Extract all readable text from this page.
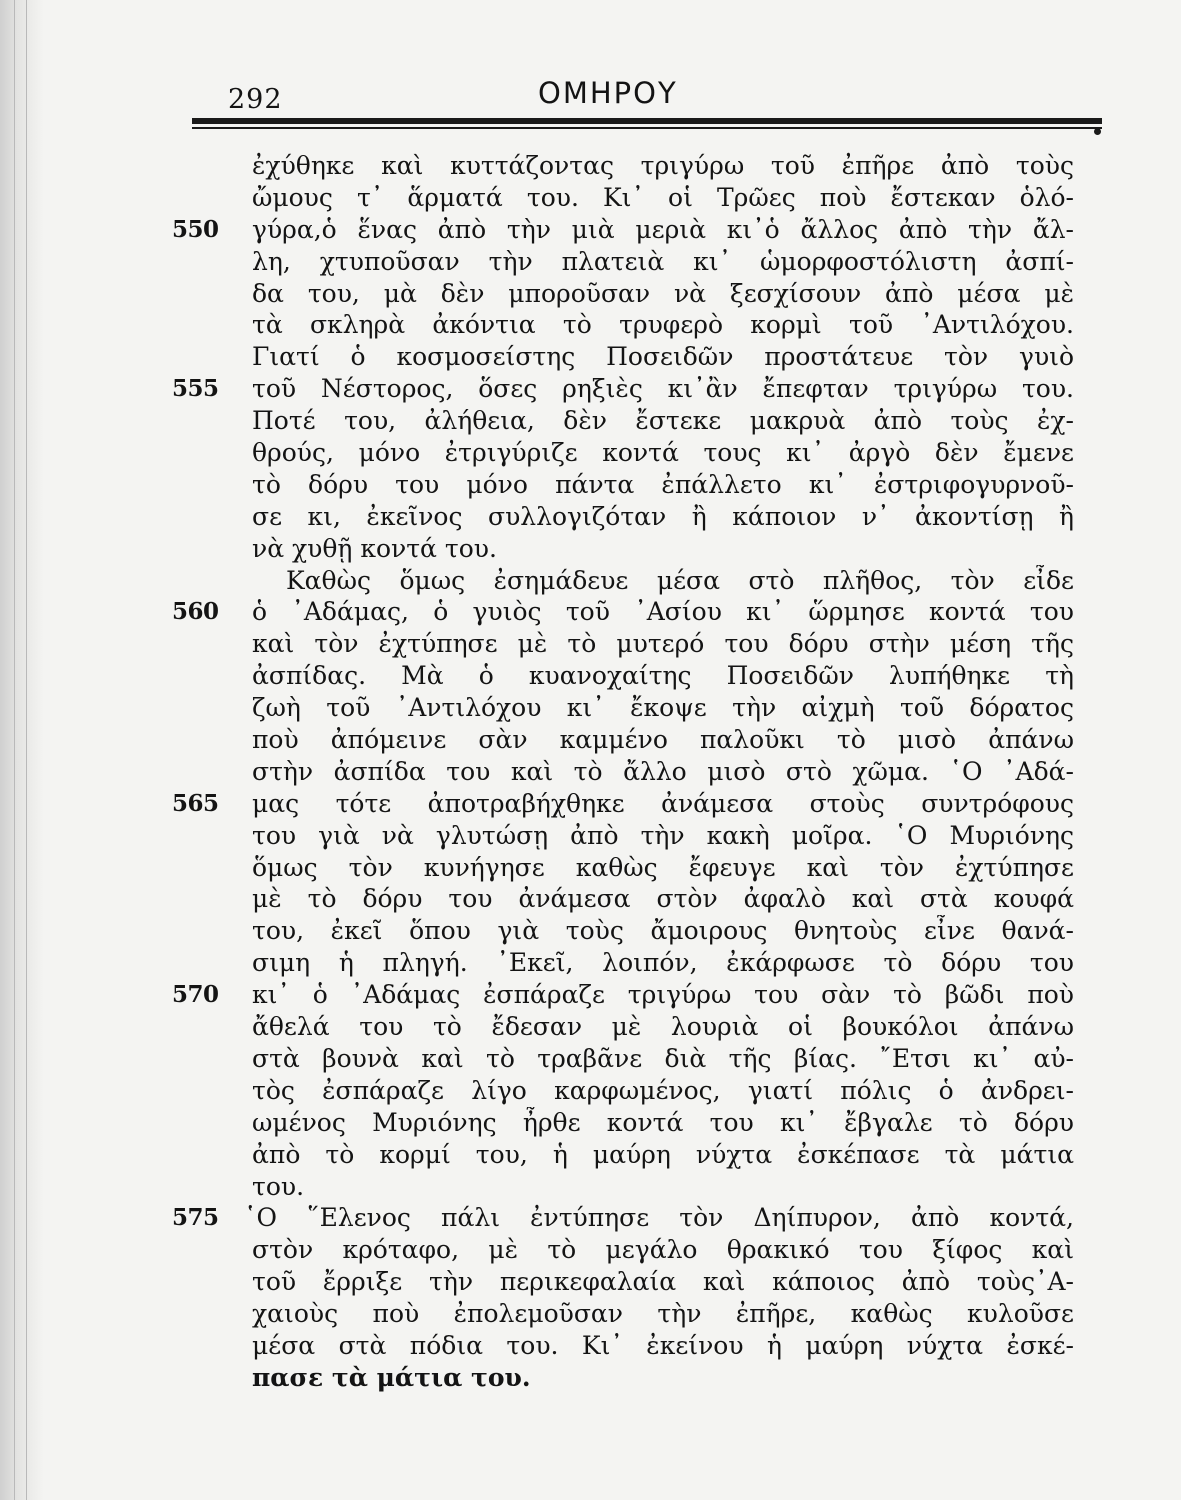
292	ΟΜΗΡΟΥ
ἐχύθηκε καὶ κυττάζοντας τριγύρω τοῦ ἐπῆρε ἀπὸ τοὺς
ὤμους τ᾽ ἅρματά του. Κι᾽ οἱ Τρῶες ποὺ ἔστεκαν ὁλό-
550 γύρα,ὁ ἕνας ἀπὸ τὴν μιὰ μεριὰ κι᾽ὁ ἄλλος ἀπὸ τὴν ἄλ-
λη, χτυποῦσαν τὴν πλατειὰ κι᾽ ὡμορφοστόλιστη ἀσπί-
δα του, μὰ δὲν μποροῦσαν νὰ ξεσχίσουν ἀπὸ μέσα μὲ
τὰ σκληρὰ ἀκόντια τὸ τρυφερὸ κορμὶ τοῦ ᾽Αντιλόχου.
Γιατί ὁ κοσμοσείστης Ποσειδῶν προστάτευε τὸν γυιὸ
555 τοῦ Νέστορος, ὅσες ρηξιὲς κι᾽ἂν ἔπεφταν τριγύρω του.
Ποτέ του, ἀλήθεια, δὲν ἔστεκε μακρυὰ ἀπὸ τοὺς ἐχ-
θρούς, μόνο ἐτριγύριζε κοντά τους κι᾽ ἀργὸ δὲν ἔμενε
τὸ δόρυ του μόνο πάντα ἐπάλλετο κι᾽ ἐστριφογυρνοῦ-
σε κι, ἐκεῖνος συλλογιζόταν ἢ κάποιον ν᾽ ἀκοντίσῃ ἢ
νὰ χυθῇ κοντά του.
Καθὼς ὅμως ἐσημάδευε μέσα στὸ πλῆθος, τὸν εἶδε
560 ὁ ᾽Αδάμας, ὁ γυιὸς τοῦ ᾽Ασίου κι᾽ ὥρμησε κοντά του
καὶ τὸν ἐχτύπησε μὲ τὸ μυτερό του δόρυ στὴν μέση τῆς
ἀσπίδας. Μὰ ὁ κυανοχαίτης Ποσειδῶν λυπήθηκε τὴ
ζωὴ τοῦ ᾽Αντιλόχου κι᾽ ἔκοψε τὴν αἰχμὴ τοῦ δόρατος
ποὺ ἀπόμεινε σὰν καμμένο παλοῦκι τὸ μισὸ ἀπάνω
στὴν ἀσπίδα του καὶ τὸ ἄλλο μισὸ στὸ χῶμα. ῾Ο ᾽Αδά-
565 μας τότε ἀποτραβήχθηκε ἀνάμεσα στοὺς συντρόφους
του γιὰ νὰ γλυτώσῃ ἀπὸ τὴν κακὴ μοῖρα. ῾Ο Μυριόνης
ὅμως τὸν κυνήγησε καθὼς ἔφευγε καὶ τὸν ἐχτύπησε
μὲ τὸ δόρυ του ἀνάμεσα στὸν ἀφαλὸ καὶ στὰ κουφά
του, ἐκεῖ ὅπου γιὰ τοὺς ἄμοιρους θνητοὺς εἶνε θανά-
σιμη ἡ πληγή. ᾽Εκεῖ, λοιπόν, ἐκάρφωσε τὸ δόρυ του
570 κι᾽ ὁ ᾽Αδάμας ἐσπάραζε τριγύρω του σὰν τὸ βῶδι ποὺ
ἄθελά του τὸ ἔδεσαν μὲ λουριὰ οἱ βουκόλοι ἀπάνω
στὰ βουνὰ καὶ τὸ τραβᾶνε διὰ τῆς βίας. ῎Ετσι κι᾽ αὐ-
τὸς ἐσπάραζε λίγο καρφωμένος, γιατί πόλις ὁ ἀνδρει-
ωμένος Μυριόνης ἦρθε κοντά του κι᾽ ἔβγαλε τὸ δόρυ
ἀπὸ τὸ κορμί του, ἡ μαύρη νύχτα ἐσκέπασε τὰ μάτια
του.
575 ῾Ο ῞Ελενος πάλι ἐντύπησε τὸν Δηίπυρον, ἀπὸ κοντά,
στὸν κρόταφο, μὲ τὸ μεγάλο θρακικό του ξίφος καὶ
τοῦ ἔρριξε τὴν περικεφαλαία καὶ κάποιος ἀπὸ τοὺς᾽Α-
χαιοὺς ποὺ ἐπολεμοῦσαν τὴν ἐπῆρε, καθὼς κυλοῦσε
μέσα στὰ πόδια του. Κι᾽ ἐκείνου ἡ μαύρη νύχτα ἐσκέ-
πασε τὰ μάτια του.
